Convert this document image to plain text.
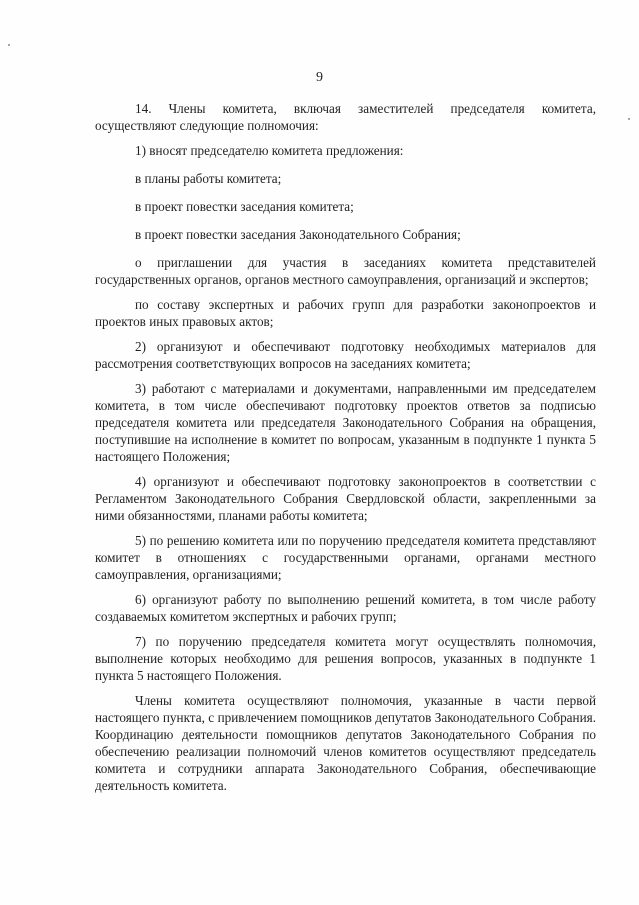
9

14. Члены комитета, включая заместителей председателя комитета, осуществляют следующие полномочия:

1) вносят председателю комитета предложения:

в планы работы комитета;

в проект повестки заседания комитета;

в проект повестки заседания Законодательного Собрания;

о приглашении для участия в заседаниях комитета представителей государственных органов, органов местного самоуправления, организаций и экспертов;

по составу экспертных и рабочих групп для разработки законопроектов и проектов иных правовых актов;

2) организуют и обеспечивают подготовку необходимых материалов для рассмотрения соответствующих вопросов на заседаниях комитета;

3) работают с материалами и документами, направленными им председателем комитета, в том числе обеспечивают подготовку проектов ответов за подписью председателя комитета или председателя Законодательного Собрания на обращения, поступившие на исполнение в комитет по вопросам, указанным в подпункте 1 пункта 5 настоящего Положения;

4) организуют и обеспечивают подготовку законопроектов в соответствии с Регламентом Законодательного Собрания Свердловской области, закрепленными за ними обязанностями, планами работы комитета;

5) по решению комитета или по поручению председателя комитета представляют комитет в отношениях с государственными органами, органами местного самоуправления, организациями;

6) организуют работу по выполнению решений комитета, в том числе работу создаваемых комитетом экспертных и рабочих групп;

7) по поручению председателя комитета могут осуществлять полномочия, выполнение которых необходимо для решения вопросов, указанных в подпункте 1 пункта 5 настоящего Положения.

Члены комитета осуществляют полномочия, указанные в части первой настоящего пункта, с привлечением помощников депутатов Законодательного Собрания. Координацию деятельности помощников депутатов Законодательного Собрания по обеспечению реализации полномочий членов комитетов осуществляют председатель комитета и сотрудники аппарата Законодательного Собрания, обеспечивающие деятельность комитета.
